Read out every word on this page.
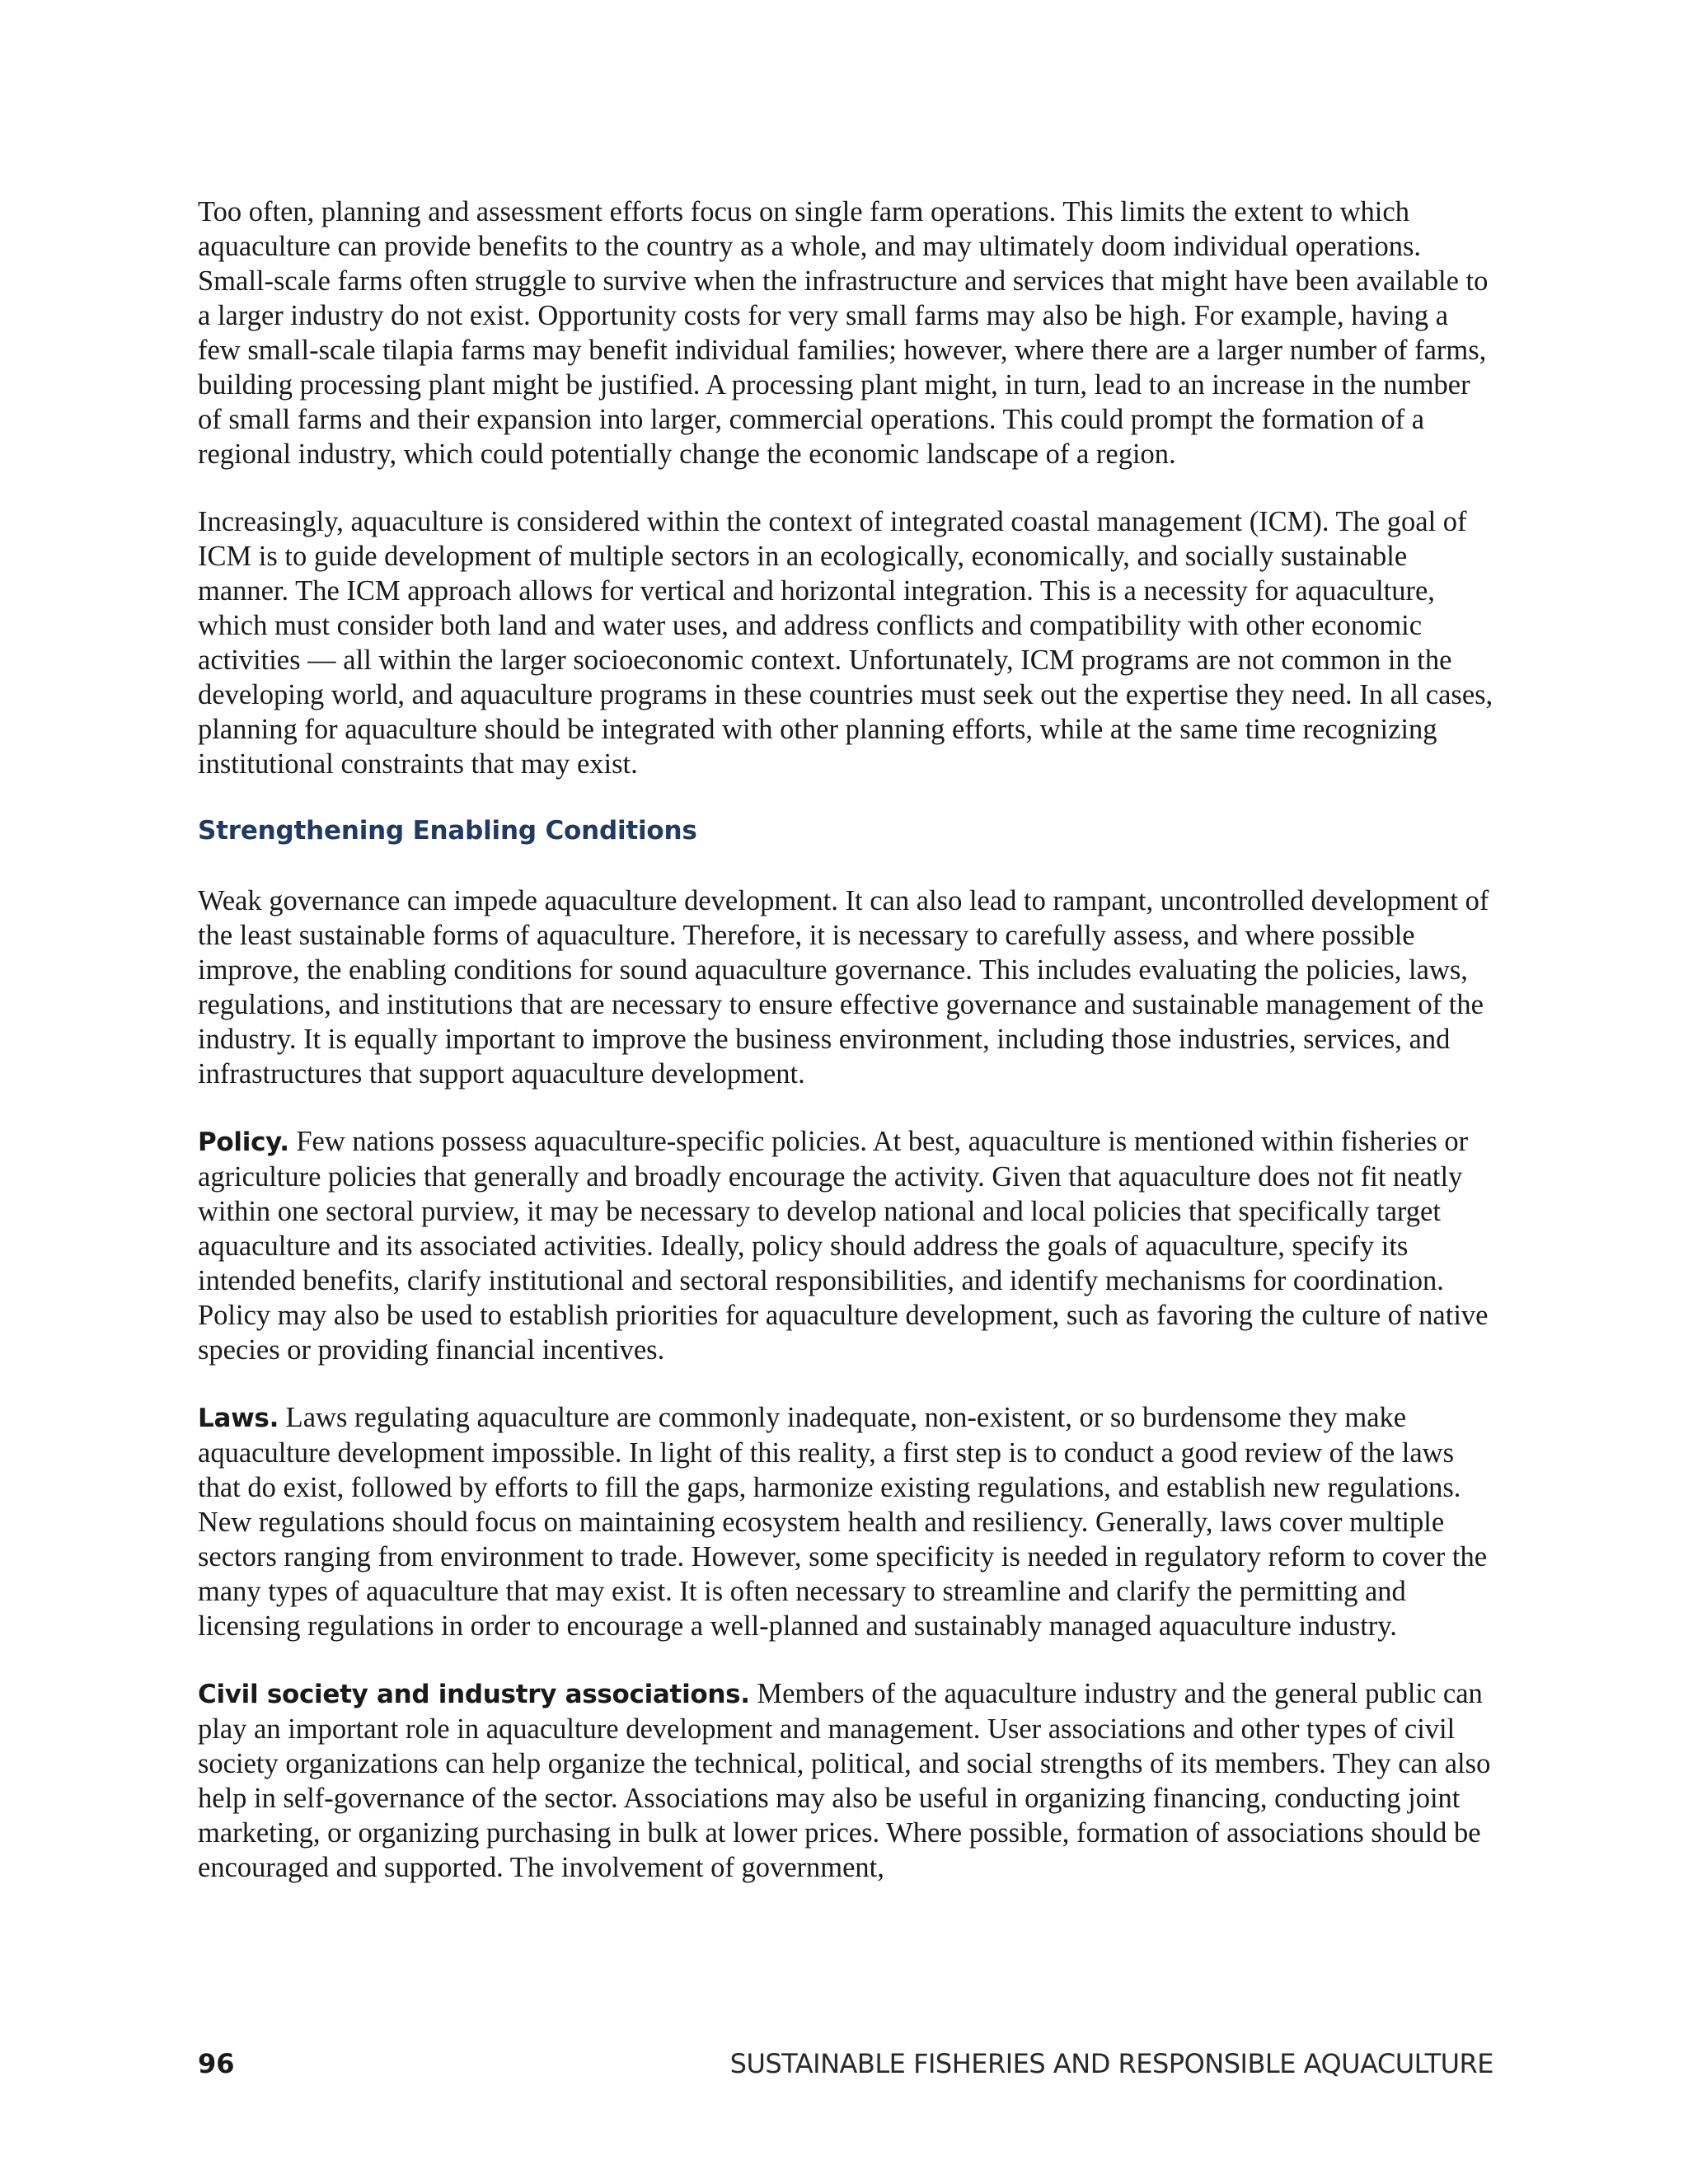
Too often, planning and assessment efforts focus on single farm operations. This limits the extent to which aquaculture can provide benefits to the country as a whole, and may ultimately doom individual operations. Small-scale farms often struggle to survive when the infrastructure and services that might have been available to a larger industry do not exist. Opportunity costs for very small farms may also be high. For example, having a few small-scale tilapia farms may benefit individual families; however, where there are a larger number of farms, building processing plant might be justified. A processing plant might, in turn, lead to an increase in the number of small farms and their expansion into larger, commercial operations. This could prompt the formation of a regional industry, which could potentially change the economic landscape of a region.

Increasingly, aquaculture is considered within the context of integrated coastal management (ICM). The goal of ICM is to guide development of multiple sectors in an ecologically, economically, and socially sustainable manner. The ICM approach allows for vertical and horizontal integration. This is a necessity for aquaculture, which must consider both land and water uses, and address conflicts and compatibility with other economic activities — all within the larger socioeconomic context. Unfortunately, ICM programs are not common in the developing world, and aquaculture programs in these countries must seek out the expertise they need. In all cases, planning for aquaculture should be integrated with other planning efforts, while at the same time recognizing institutional constraints that may exist.

Strengthening Enabling Conditions

Weak governance can impede aquaculture development. It can also lead to rampant, uncontrolled development of the least sustainable forms of aquaculture. Therefore, it is necessary to carefully assess, and where possible improve, the enabling conditions for sound aquaculture governance. This includes evaluating the policies, laws, regulations, and institutions that are necessary to ensure effective governance and sustainable management of the industry. It is equally important to improve the business environment, including those industries, services, and infrastructures that support aquaculture development.

Policy. Few nations possess aquaculture-specific policies. At best, aquaculture is mentioned within fisheries or agriculture policies that generally and broadly encourage the activity. Given that aquaculture does not fit neatly within one sectoral purview, it may be necessary to develop national and local policies that specifically target aquaculture and its associated activities. Ideally, policy should address the goals of aquaculture, specify its intended benefits, clarify institutional and sectoral responsibilities, and identify mechanisms for coordination. Policy may also be used to establish priorities for aquaculture development, such as favoring the culture of native species or providing financial incentives.

Laws. Laws regulating aquaculture are commonly inadequate, non-existent, or so burdensome they make aquaculture development impossible. In light of this reality, a first step is to conduct a good review of the laws that do exist, followed by efforts to fill the gaps, harmonize existing regulations, and establish new regulations. New regulations should focus on maintaining ecosystem health and resiliency. Generally, laws cover multiple sectors ranging from environment to trade. However, some specificity is needed in regulatory reform to cover the many types of aquaculture that may exist. It is often necessary to streamline and clarify the permitting and licensing regulations in order to encourage a well-planned and sustainably managed aquaculture industry.

Civil society and industry associations. Members of the aquaculture industry and the general public can play an important role in aquaculture development and management. User associations and other types of civil society organizations can help organize the technical, political, and social strengths of its members. They can also help in self-governance of the sector. Associations may also be useful in organizing financing, conducting joint marketing, or organizing purchasing in bulk at lower prices. Where possible, formation of associations should be encouraged and supported. The involvement of government,

96	SUSTAINABLE FISHERIES AND RESPONSIBLE AQUACULTURE
